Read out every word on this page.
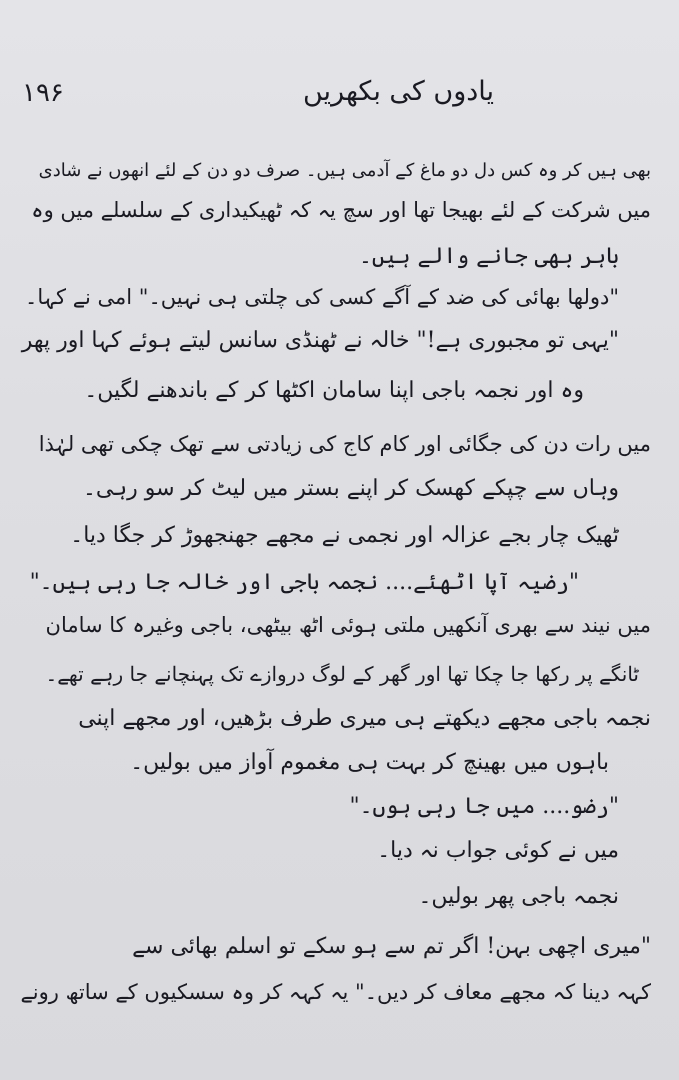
۱۹۶	یادوں کی بکھریں
بھی ہیں کر وہ کس دل دو ماغ کے آدمی ہیں۔ صرف دو دن کے لئے انھوں نے شادی
میں شرکت کے لئے بھیجا تھا اور سچ یہ کہ ٹھیکیداری کے سلسلے میں وہ
باہر بھی جانے والے ہیں۔
"دولھا بھائی کی ضد کے آگے کسی کی چلتی ہی نہیں۔" امی نے کہا۔
"یہی تو مجبوری ہے!" خالہ نے ٹھنڈی سانس لیتے ہوئے کہا اور پھر
وہ اور نجمہ باجی اپنا سامان اکٹھا کر کے باندھنے لگیں۔
میں رات دن کی جگائی اور کام کاج کی زیادتی سے تھک چکی تھی لہٰذا
وہاں سے چپکے کھسک کر اپنے بستر میں لیٹ کر سو رہی۔
ٹھیک چار بجے عزالہ اور نجمی نے مجھے جھنجھوڑ کر جگا دیا۔
"رضیہ آپا اٹھئے.... نجمہ باجی اور خالہ جا رہی ہیں۔"
میں نیند سے بھری آنکھیں ملتی ہوئی اٹھ بیٹھی، باجی وغیرہ کا سامان
ٹانگے پر رکھا جا چکا تھا اور گھر کے لوگ دروازے تک پہنچانے جا رہے تھے۔
نجمہ باجی مجھے دیکھتے ہی میری طرف بڑھیں، اور مجھے اپنی
باہوں میں بھینچ کر بہت ہی مغموم آواز میں بولیں۔
"رضو.... میں جا رہی ہوں۔"
میں نے کوئی جواب نہ دیا۔
نجمہ باجی پھر بولیں۔
"میری اچھی بہن! اگر تم سے ہو سکے تو اسلم بھائی سے
کہہ دینا کہ مجھے معاف کر دیں۔" یہ کہہ کر وہ سسکیوں کے ساتھ رونے
